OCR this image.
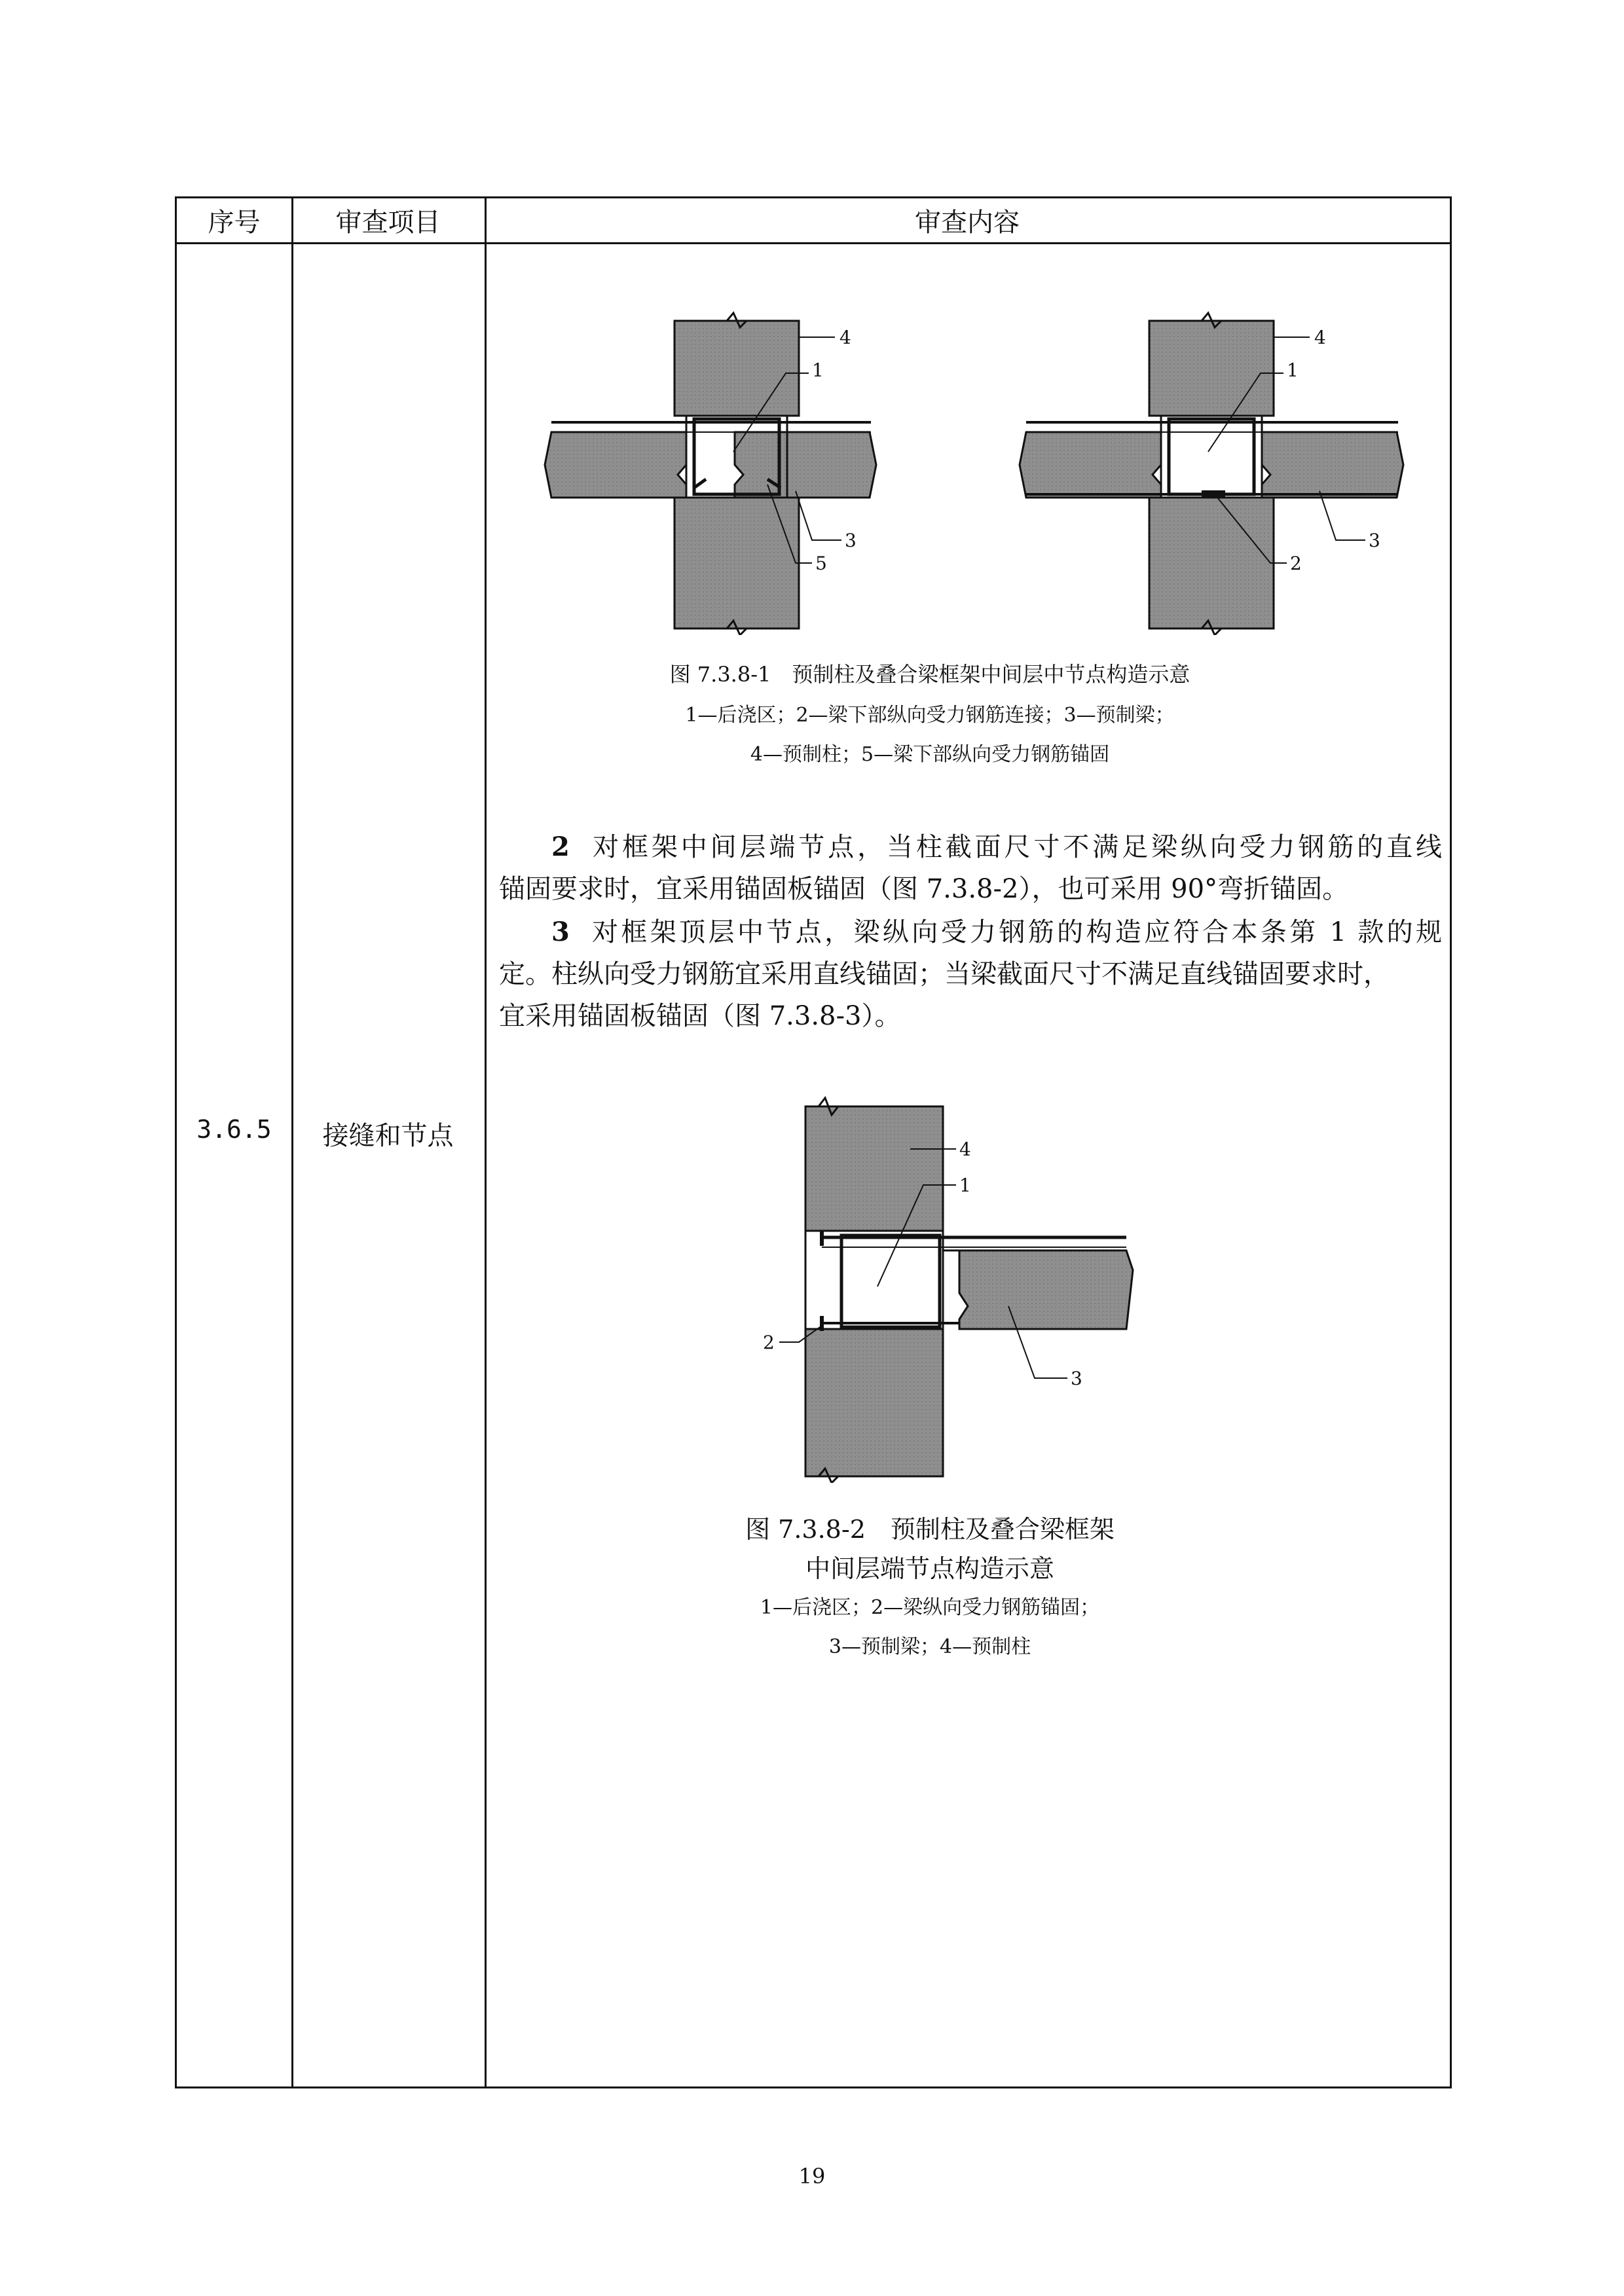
序号	审查项目	审查内容
3.6.5	接缝和节点
4
1
5
3
4
1
2
3
图 7.3.8-1　预制柱及叠合梁框架中间层中节点构造示意
1—后浇区；2—梁下部纵向受力钢筋连接；3—预制梁；
4—预制柱；5—梁下部纵向受力钢筋锚固
2 对框架中间层端节点，当柱截面尺寸不满足梁纵向受力钢筋的直线
锚固要求时，宜采用锚固板锚固（图 7.3.8-2），也可采用 90°弯折锚固。
3 对框架顶层中节点，梁纵向受力钢筋的构造应符合本条第 1 款的规
定。柱纵向受力钢筋宜采用直线锚固；当梁截面尺寸不满足直线锚固要求时，
宜采用锚固板锚固（图 7.3.8-3）。
4
1
2
3
图 7.3.8-2　预制柱及叠合梁框架
中间层端节点构造示意
1—后浇区；2—梁纵向受力钢筋锚固；
3—预制梁；4—预制柱
19
